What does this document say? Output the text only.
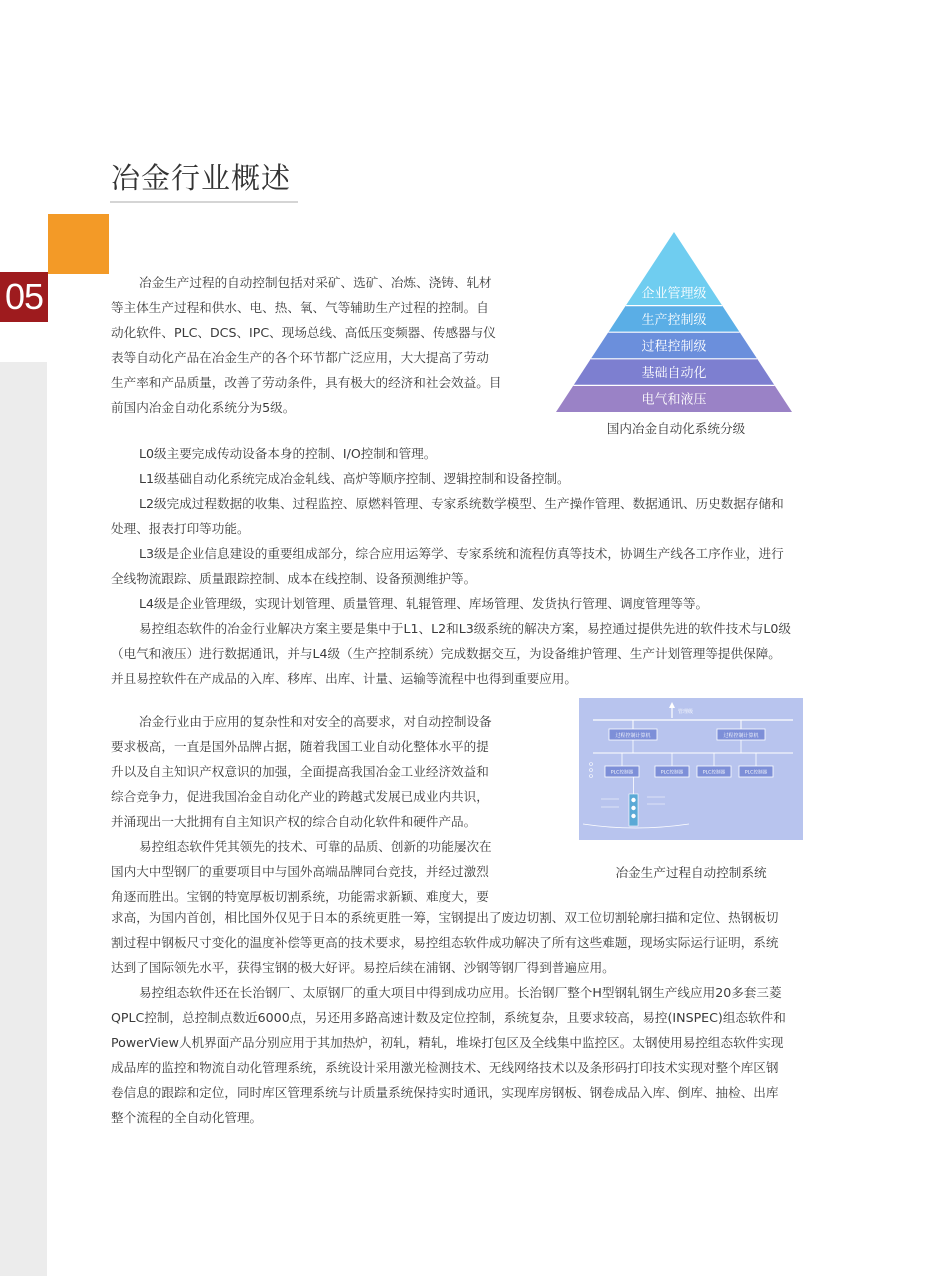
05
冶金行业概述
冶金生产过程的自动控制包括对采矿、选矿、冶炼、浇铸、轧材
等主体生产过程和供水、电、热、氧、气等辅助生产过程的控制。自
动化软件、PLC、DCS、IPC、现场总线、高低压变频器、传感器与仪
表等自动化产品在冶金生产的各个环节都广泛应用，大大提高了劳动
生产率和产品质量，改善了劳动条件，具有极大的经济和社会效益。目
前国内冶金自动化系统分为5级。
企业管理级
生产控制级
过程控制级
基础自动化
电气和液压
国内冶金自动化系统分级
L0级主要完成传动设备本身的控制、I/O控制和管理。
L1级基础自动化系统完成冶金轧线、高炉等顺序控制、逻辑控制和设备控制。
L2级完成过程数据的收集、过程监控、原燃料管理、专家系统数学模型、生产操作管理、数据通讯、历史数据存储和
处理、报表打印等功能。
L3级是企业信息建设的重要组成部分，综合应用运筹学、专家系统和流程仿真等技术，协调生产线各工序作业，进行
全线物流跟踪、质量跟踪控制、成本在线控制、设备预测维护等。
L4级是企业管理级，实现计划管理、质量管理、轧辊管理、库场管理、发货执行管理、调度管理等等。
易控组态软件的冶金行业解决方案主要是集中于L1、L2和L3级系统的解决方案，易控通过提供先进的软件技术与L0级
（电气和液压）进行数据通讯，并与L4级（生产控制系统）完成数据交互，为设备维护管理、生产计划管理等提供保障。
并且易控软件在产成品的入库、移库、出库、计量、运输等流程中也得到重要应用。
冶金行业由于应用的复杂性和对安全的高要求，对自动控制设备
要求极高，一直是国外品牌占据，随着我国工业自动化整体水平的提
升以及自主知识产权意识的加强，全面提高我国冶金工业经济效益和
综合竞争力，促进我国冶金自动化产业的跨越式发展已成业内共识，
并涌现出一大批拥有自主知识产权的综合自动化软件和硬件产品。
易控组态软件凭其领先的技术、可靠的品质、创新的功能屡次在
国内大中型钢厂的重要项目中与国外高端品牌同台竞技，并经过激烈
角逐而胜出。宝钢的特宽厚板切割系统，功能需求新颖、难度大，要
管理级
过程控制计算机	过程控制计算机
PLC控制器	PLC控制器	PLC控制器	PLC控制器
冶金生产过程自动控制系统
求高，为国内首创，相比国外仅见于日本的系统更胜一筹，宝钢提出了废边切割、双工位切割轮廓扫描和定位、热钢板切
割过程中钢板尺寸变化的温度补偿等更高的技术要求，易控组态软件成功解决了所有这些难题，现场实际运行证明，系统
达到了国际领先水平，获得宝钢的极大好评。易控后续在浦钢、沙钢等钢厂得到普遍应用。
易控组态软件还在长治钢厂、太原钢厂的重大项目中得到成功应用。长治钢厂整个H型钢轧钢生产线应用20多套三菱
QPLC控制，总控制点数近6000点，另还用多路高速计数及定位控制，系统复杂，且要求较高，易控(INSPEC)组态软件和
PowerView人机界面产品分别应用于其加热炉，初轧，精轧，堆垛打包区及全线集中监控区。太钢使用易控组态软件实现
成品库的监控和物流自动化管理系统，系统设计采用激光检测技术、无线网络技术以及条形码打印技术实现对整个库区钢
卷信息的跟踪和定位，同时库区管理系统与计质量系统保持实时通讯，实现库房钢板、钢卷成品入库、倒库、抽检、出库
整个流程的全自动化管理。
